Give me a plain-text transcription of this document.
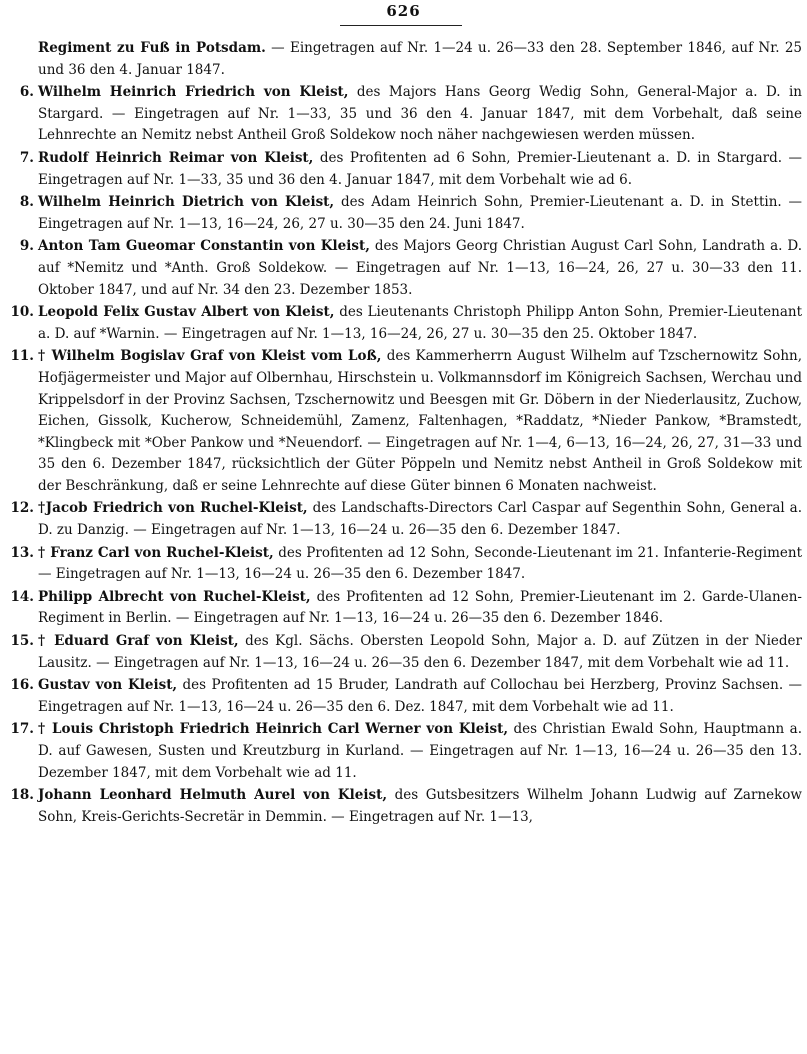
626

Regiment zu Fuß in Potsdam. — Eingetragen auf Nr. 1—24 u. 26—33 den 28. September 1846, auf Nr. 25 und 36 den 4. Januar 1847.

6. Wilhelm Heinrich Friedrich von Kleist, des Majors Hans Georg Wedig Sohn, General-Major a. D. in Stargard. — Eingetragen auf Nr. 1—33, 35 und 36 den 4. Januar 1847, mit dem Vorbehalt, daß seine Lehnrechte an Nemitz nebst Antheil Groß Soldekow noch näher nachgewiesen werden müssen.

7. Rudolf Heinrich Reimar von Kleist, des Profitenten ad 6 Sohn, Premier-Lieutenant a. D. in Stargard. — Eingetragen auf Nr. 1—33, 35 und 36 den 4. Januar 1847, mit dem Vorbehalt wie ad 6.

8. Wilhelm Heinrich Dietrich von Kleist, des Adam Heinrich Sohn, Premier-Lieutenant a. D. in Stettin. — Eingetragen auf Nr. 1—13, 16—24, 26, 27 u. 30—35 den 24. Juni 1847.

9. Anton Tam Gueomar Constantin von Kleist, des Majors Georg Christian August Carl Sohn, Landrath a. D. auf *Nemitz und *Anth. Groß Soldekow. — Eingetragen auf Nr. 1—13, 16—24, 26, 27 u. 30—33 den 11. Oktober 1847, und auf Nr. 34 den 23. Dezember 1853.

10. Leopold Felix Gustav Albert von Kleist, des Lieutenants Christoph Philipp Anton Sohn, Premier-Lieutenant a. D. auf *Warnin. — Eingetragen auf Nr. 1—13, 16—24, 26, 27 u. 30—35 den 25. Oktober 1847.

11. † Wilhelm Bogislav Graf von Kleist vom Loß, des Kammerherrn August Wilhelm auf Tzschernowitz Sohn, Hofjägermeister und Major auf Olbernhau, Hirschstein u. Volkmannsdorf im Königreich Sachsen, Werchau und Krippelsdorf in der Provinz Sachsen, Tzschernowitz und Beesgen mit Gr. Döbern in der Niederlausitz, Zuchow, Eichen, Gissolk, Kucherow, Schneidemühl, Zamenz, Faltenhagen, *Raddatz, *Nieder Pankow, *Bramstedt, *Klingbeck mit *Ober Pankow und *Neuendorf. — Eingetragen auf Nr. 1—4, 6—13, 16—24, 26, 27, 31—33 und 35 den 6. Dezember 1847, rücksichtlich der Güter Pöppeln und Nemitz nebst Antheil in Groß Soldekow mit der Beschränkung, daß er seine Lehnrechte auf diese Güter binnen 6 Monaten nachweist.

12. †Jacob Friedrich von Ruchel-Kleist, des Landschafts-Directors Carl Caspar auf Segenthin Sohn, General a. D. zu Danzig. — Eingetragen auf Nr. 1—13, 16—24 u. 26—35 den 6. Dezember 1847.

13. † Franz Carl von Ruchel-Kleist, des Profitenten ad 12 Sohn, Seconde-Lieutenant im 21. Infanterie-Regiment — Eingetragen auf Nr. 1—13, 16—24 u. 26—35 den 6. Dezember 1847.

14. Philipp Albrecht von Ruchel-Kleist, des Profitenten ad 12 Sohn, Premier-Lieutenant im 2. Garde-Ulanen-Regiment in Berlin. — Eingetragen auf Nr. 1—13, 16—24 u. 26—35 den 6. Dezember 1846.

15. † Eduard Graf von Kleist, des Kgl. Sächs. Obersten Leopold Sohn, Major a. D. auf Zützen in der Nieder Lausitz. — Eingetragen auf Nr. 1—13, 16—24 u. 26—35 den 6. Dezember 1847, mit dem Vorbehalt wie ad 11.

16. Gustav von Kleist, des Profitenten ad 15 Bruder, Landrath auf Collochau bei Herzberg, Provinz Sachsen. — Eingetragen auf Nr. 1—13, 16—24 u. 26—35 den 6. Dez. 1847, mit dem Vorbehalt wie ad 11.

17. † Louis Christoph Friedrich Heinrich Carl Werner von Kleist, des Christian Ewald Sohn, Hauptmann a. D. auf Gawesen, Susten und Kreutzburg in Kurland. — Eingetragen auf Nr. 1—13, 16—24 u. 26—35 den 13. Dezember 1847, mit dem Vorbehalt wie ad 11.

18. Johann Leonhard Helmuth Aurel von Kleist, des Gutsbesitzers Wilhelm Johann Ludwig auf Zarnekow Sohn, Kreis-Gerichts-Secretär in Demmin. — Eingetragen auf Nr. 1—13,
